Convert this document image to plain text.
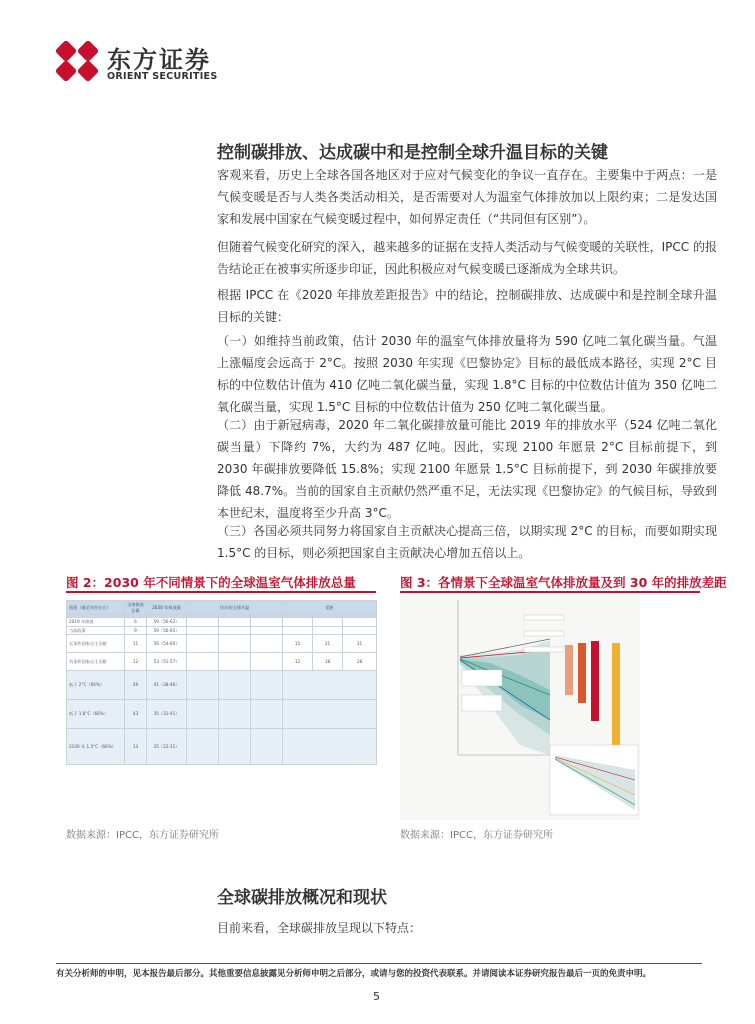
东方证券
ORIENT SECURITIES
控制碳排放、达成碳中和是控制全球升温目标的关键
客观来看，历史上全球各国各地区对于应对气候变化的争议一直存在。主要集中于两点：一是气候变暖是否与人类各类活动相关，是否需要对人为温室气体排放加以上限约束；二是发达国家和发展中国家在气候变暖过程中，如何界定责任（“共同但有区别”）。
但随着气候变化研究的深入，越来越多的证据在支持人类活动与气候变暖的关联性，IPCC 的报告结论正在被事实所逐步印证，因此积极应对气候变暖已逐渐成为全球共识。
根据 IPCC 在《2020 年排放差距报告》中的结论，控制碳排放、达成碳中和是控制全球升温目标的关键：
（一）如维持当前政策，估计 2030 年的温室气体排放量将为 590 亿吨二氧化碳当量。气温上涨幅度会远高于 2°C。按照 2030 年实现《巴黎协定》目标的最低成本路径，实现 2°C 目标的中位数估计值为 410 亿吨二氧化碳当量，实现 1.8°C 目标的中位数估计值为 350 亿吨二氧化碳当量，实现 1.5°C 目标的中位数估计值为 250 亿吨二氧化碳当量。
（二）由于新冠病毒，2020 年二氧化碳排放量可能比 2019 年的排放水平（524 亿吨二氧化碳当量）下降约 7%，大约为 487 亿吨。因此，实现 2100 年愿景 2°C 目标前提下，到 2030 年碳排放要降低 15.8%；实现 2100 年愿景 1.5°C 目标前提下，到 2030 年碳排放要降低 48.7%。当前的国家自主贡献仍然严重不足，无法实现《巴黎协定》的气候目标，导致到本世纪末，温度将至少升高 3°C。
（三）各国必须共同努力将国家自主贡献决心提高三倍，以期实现 2°C 的目标，而要如期实现 1.5°C 的目标，则必须把国家自主贡献决心增加五倍以上。
图 2：2030 年不同情景下的全球温室气体排放总量
情景（截至年份左右）	全球排放总量	2030 年排放量	估计的全球升温			差距		

2019 年排放	6	59（56-62）						
当前政策	9	59（56-65）						
无条件国家自主贡献	11	56（54-60）				15	21	31
有条件国家自主贡献	12	53（51-57）				12	18	28
低于 2°C（66%）	29	41（38-46）						
低于 1.8°C（66%）	43	35（31-41）						
2100 年 1.5°C（66%）	13	25（22-31）						
数据来源：IPCC，东方证券研究所
图 3：各情景下全球温室气体排放量及到 30 年的排放差距
数据来源：IPCC，东方证券研究所
全球碳排放概况和现状
目前来看，全球碳排放呈现以下特点：
有关分析师的申明，见本报告最后部分。其他重要信息披露见分析师申明之后部分，或请与您的投资代表联系。并请阅读本证券研究报告最后一页的免责申明。
5
